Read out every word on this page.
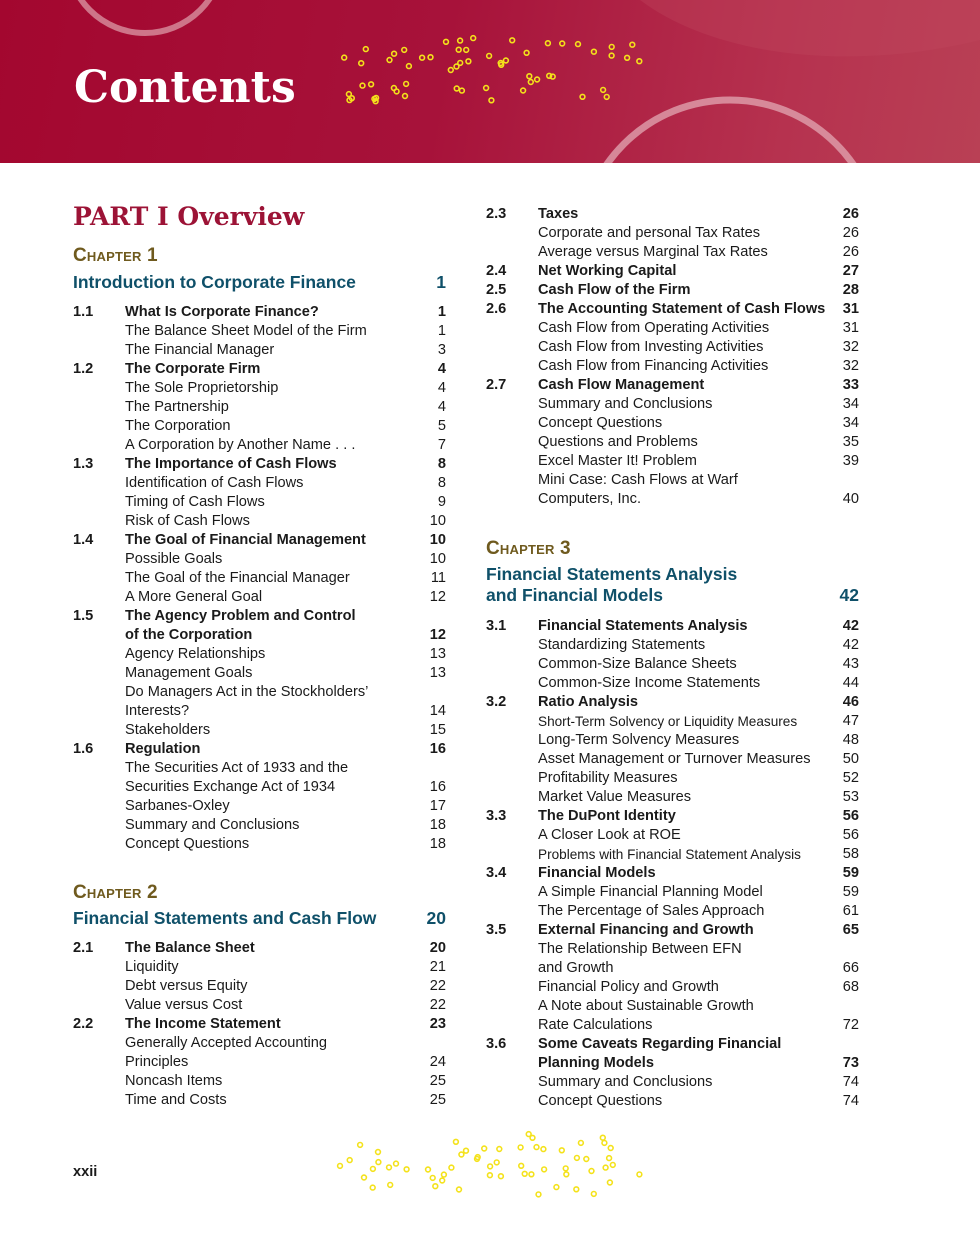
Contents
PART I Overview
Chapter 1
Introduction to Corporate Finance	1
1.1 What Is Corporate Finance?	1
The Balance Sheet Model of the Firm	1
The Financial Manager	3
1.2 The Corporate Firm	4
The Sole Proprietorship	4
The Partnership	4
The Corporation	5
A Corporation by Another Name . . .	7
1.3 The Importance of Cash Flows	8
Identification of Cash Flows	8
Timing of Cash Flows	9
Risk of Cash Flows	10
1.4 The Goal of Financial Management	10
Possible Goals	10
The Goal of the Financial Manager	11
A More General Goal	12
1.5 The Agency Problem and Control
of the Corporation	12
Agency Relationships	13
Management Goals	13
Do Managers Act in the Stockholders’
Interests?	14
Stakeholders	15
1.6 Regulation	16
The Securities Act of 1933 and the
Securities Exchange Act of 1934	16
Sarbanes-Oxley	17
Summary and Conclusions	18
Concept Questions	18
Chapter 2
Financial Statements and Cash Flow	20
2.1 The Balance Sheet	20
Liquidity	21
Debt versus Equity	22
Value versus Cost	22
2.2 The Income Statement	23
Generally Accepted Accounting
Principles	24
Noncash Items	25
Time and Costs	25
2.3 Taxes	26
Corporate and personal Tax Rates	26
Average versus Marginal Tax Rates	26
2.4 Net Working Capital	27
2.5 Cash Flow of the Firm	28
2.6 The Accounting Statement of Cash Flows 31
Cash Flow from Operating Activities	31
Cash Flow from Investing Activities	32
Cash Flow from Financing Activities	32
2.7 Cash Flow Management	33
Summary and Conclusions	34
Concept Questions	34
Questions and Problems	35
Excel Master It! Problem	39
Mini Case: Cash Flows at Warf
Computers, Inc.	40
Chapter 3
Financial Statements Analysis
and Financial Models	42
3.1 Financial Statements Analysis	42
Standardizing Statements	42
Common-Size Balance Sheets	43
Common-Size Income Statements	44
3.2 Ratio Analysis	46
Short-Term Solvency or Liquidity Measures	47
Long-Term Solvency Measures	48
Asset Management or Turnover Measures 50
Profitability Measures	52
Market Value Measures	53
3.3 The DuPont Identity	56
A Closer Look at ROE	56
Problems with Financial Statement Analysis	58
3.4 Financial Models	59
A Simple Financial Planning Model	59
The Percentage of Sales Approach	61
3.5 External Financing and Growth	65
The Relationship Between EFN
and Growth	66
Financial Policy and Growth	68
A Note about Sustainable Growth
Rate Calculations	72
3.6 Some Caveats Regarding Financial
Planning Models	73
Summary and Conclusions	74
Concept Questions	74
xxii
